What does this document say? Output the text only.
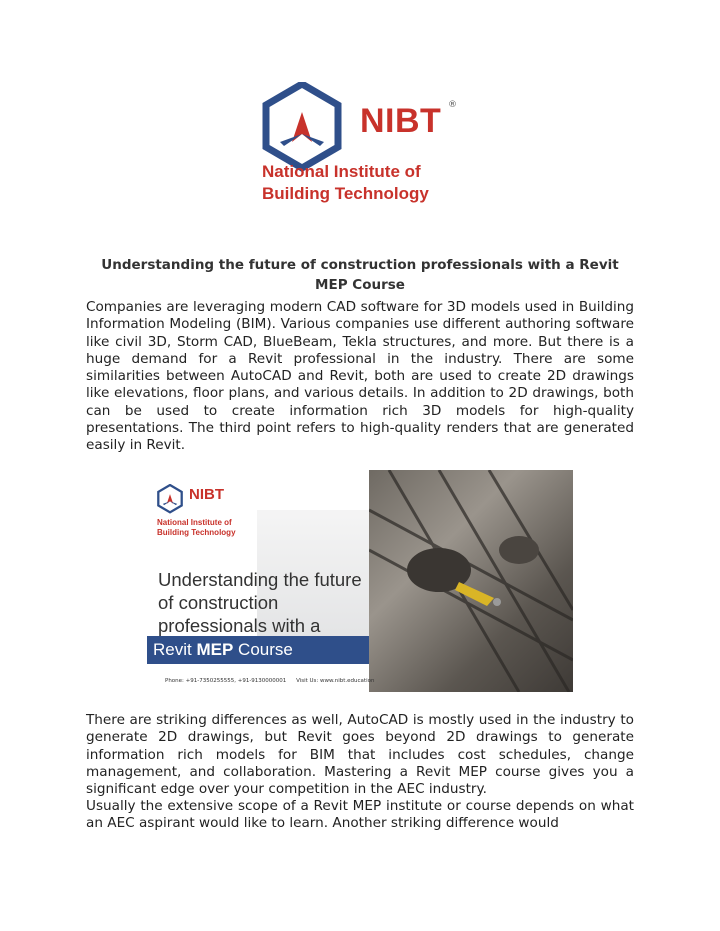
NIBT ®
National Institute of
Building Technology
Understanding the future of construction professionals with a Revit MEP Course

Companies are leveraging modern CAD software for 3D models used in Building Information Modeling (BIM). Various companies use different authoring software like civil 3D, Storm CAD, BlueBeam, Tekla structures, and more. But there is a huge demand for a Revit professional in the industry. There are some similarities between AutoCAD and Revit, both are used to create 2D drawings like elevations, floor plans, and various details. In addition to 2D drawings, both can be used to create information rich 3D models for high-quality presentations. The third point refers to high-quality renders that are generated easily in Revit.

NIBT
National Institute of
Building Technology
Understanding the future
of construction
professionals with a
Revit MEP Course
Phone: +91-7350255555, +91-9130000001 Visit Us: www.nibt.education

There are striking differences as well, AutoCAD is mostly used in the industry to generate 2D drawings, but Revit goes beyond 2D drawings to generate information rich models for BIM that includes cost schedules, change management, and collaboration. Mastering a Revit MEP course gives you a significant edge over your competition in the AEC industry.

Usually the extensive scope of a Revit MEP institute or course depends on what an AEC aspirant would like to learn. Another striking difference would
